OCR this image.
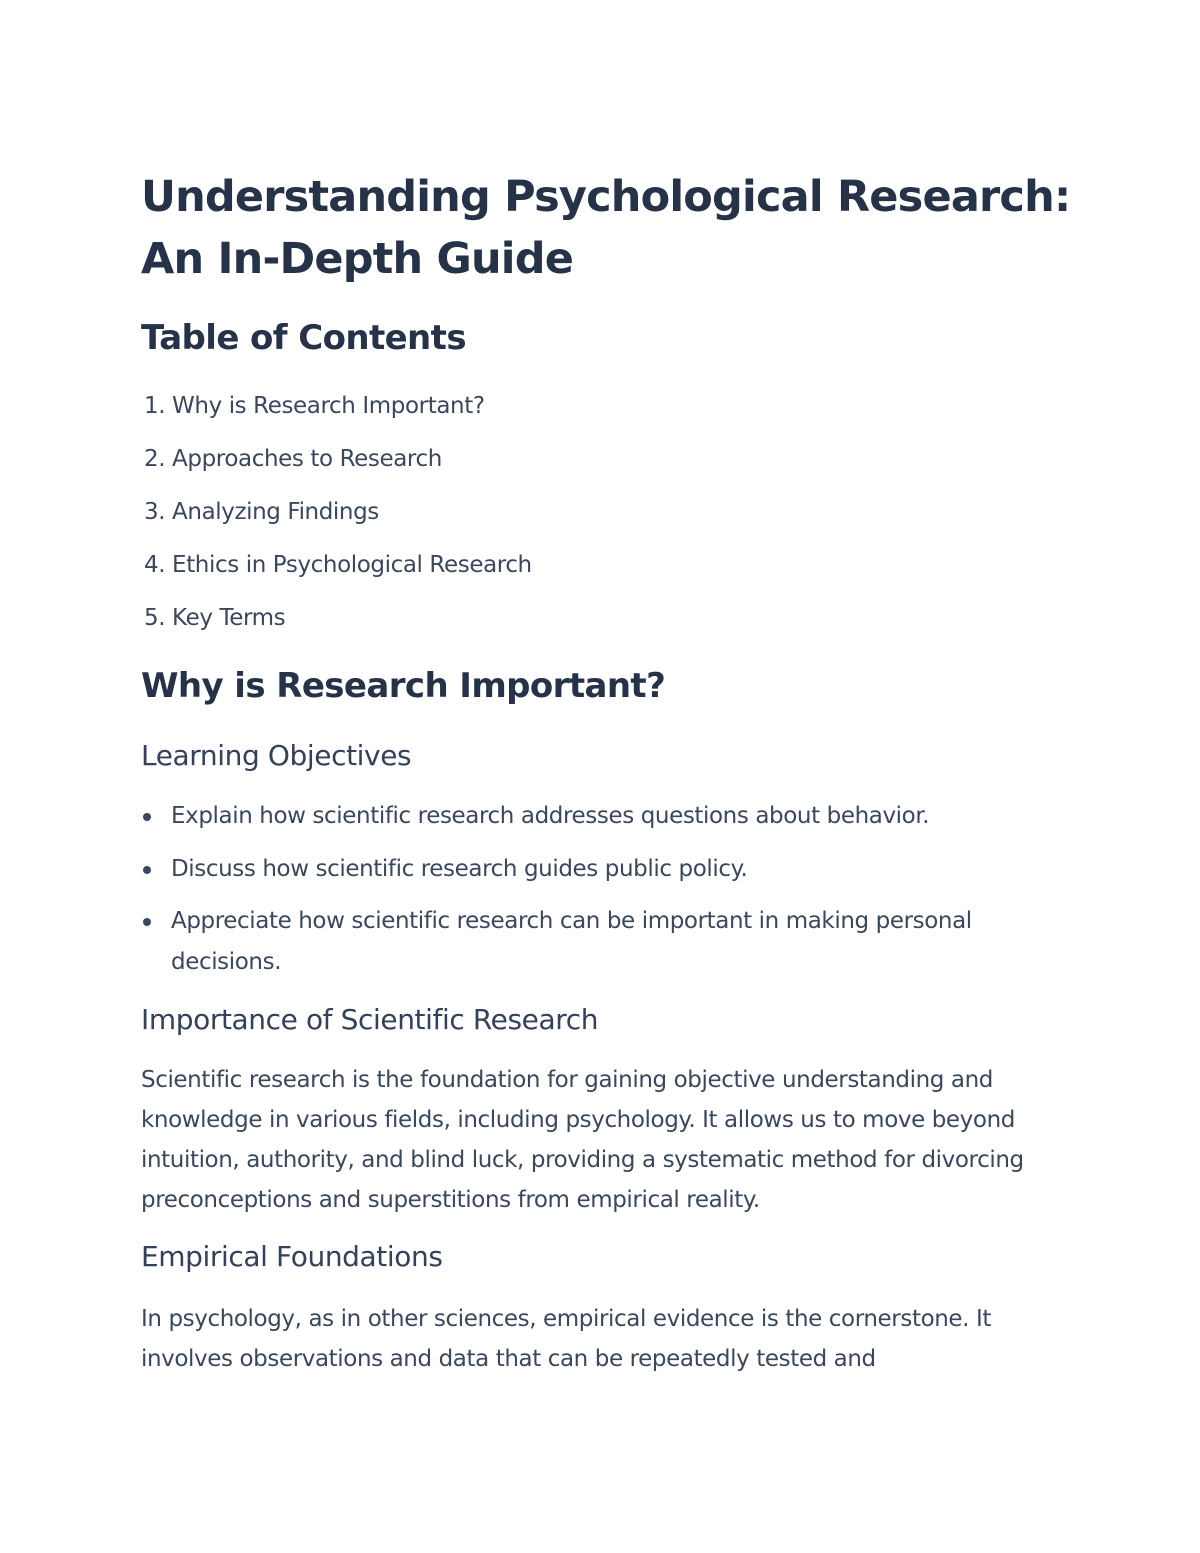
Understanding Psychological Research:
An In-Depth Guide
Table of Contents
1. Why is Research Important?
2. Approaches to Research
3. Analyzing Findings
4. Ethics in Psychological Research
5. Key Terms
Why is Research Important?
Learning Objectives
Explain how scientific research addresses questions about behavior.
Discuss how scientific research guides public policy.
Appreciate how scientific research can be important in making personal decisions.
Importance of Scientific Research

Scientific research is the foundation for gaining objective understanding and knowledge in various fields, including psychology. It allows us to move beyond intuition, authority, and blind luck, providing a systematic method for divorcing preconceptions and superstitions from empirical reality.

Empirical Foundations

In psychology, as in other sciences, empirical evidence is the cornerstone. It involves observations and data that can be repeatedly tested and
